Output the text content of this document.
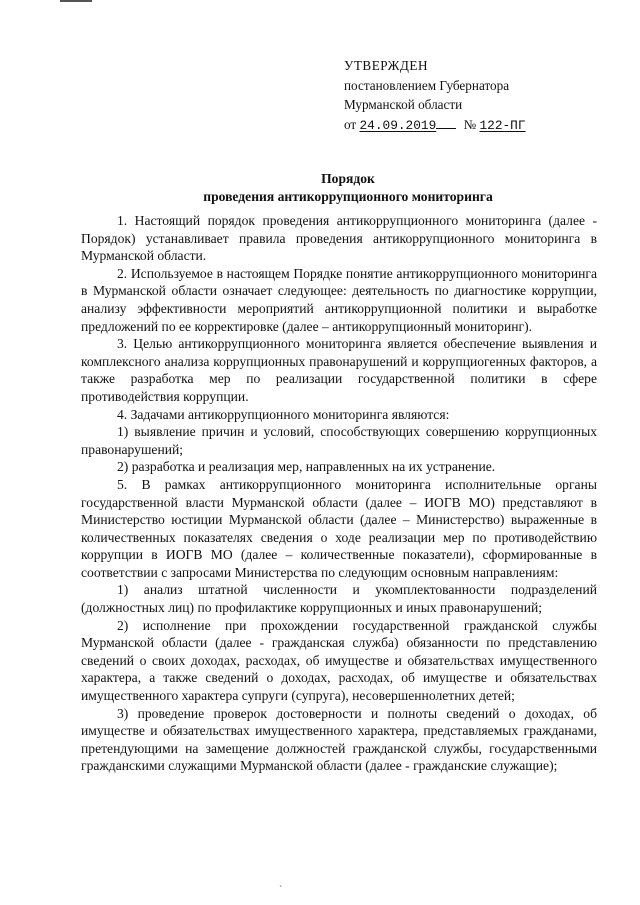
УТВЕРЖДЕН
постановлением Губернатора
Мурманской области
от 24.09.2019 № 122-ПГ
Порядок
проведения антикоррупционного мониторинга

1. Настоящий порядок проведения антикоррупционного мониторинга (далее - Порядок) устанавливает правила проведения антикоррупционного мониторинга в Мурманской области.

2. Используемое в настоящем Порядке понятие антикоррупционного мониторинга в Мурманской области означает следующее: деятельность по диагностике коррупции, анализу эффективности мероприятий антикоррупционной политики и выработке предложений по ее корректировке (далее – антикоррупционный мониторинг).

3. Целью антикоррупционного мониторинга является обеспечение выявления и комплексного анализа коррупционных правонарушений и коррупциогенных факторов, а также разработка мер по реализации государственной политики в сфере противодействия коррупции.

4. Задачами антикоррупционного мониторинга являются:

1) выявление причин и условий, способствующих совершению коррупционных правонарушений;

2) разработка и реализация мер, направленных на их устранение.

5. В рамках антикоррупционного мониторинга исполнительные органы государственной власти Мурманской области (далее – ИОГВ МО) представляют в Министерство юстиции Мурманской области (далее – Министерство) выраженные в количественных показателях сведения о ходе реализации мер по противодействию коррупции в ИОГВ МО (далее – количественные показатели), сформированные в соответствии с запросами Министерства по следующим основным направлениям:

1) анализ штатной численности и укомплектованности подразделений (должностных лиц) по профилактике коррупционных и иных правонарушений;

2) исполнение при прохождении государственной гражданской службы Мурманской области (далее - гражданская служба) обязанности по представлению сведений о своих доходах, расходах, об имуществе и обязательствах имущественного характера, а также сведений о доходах, расходах, об имуществе и обязательствах имущественного характера супруги (супруга), несовершеннолетних детей;

3) проведение проверок достоверности и полноты сведений о доходах, об имуществе и обязательствах имущественного характера, представляемых гражданами, претендующими на замещение должностей гражданской службы, государственными гражданскими служащими Мурманской области (далее - гражданские служащие);

`
